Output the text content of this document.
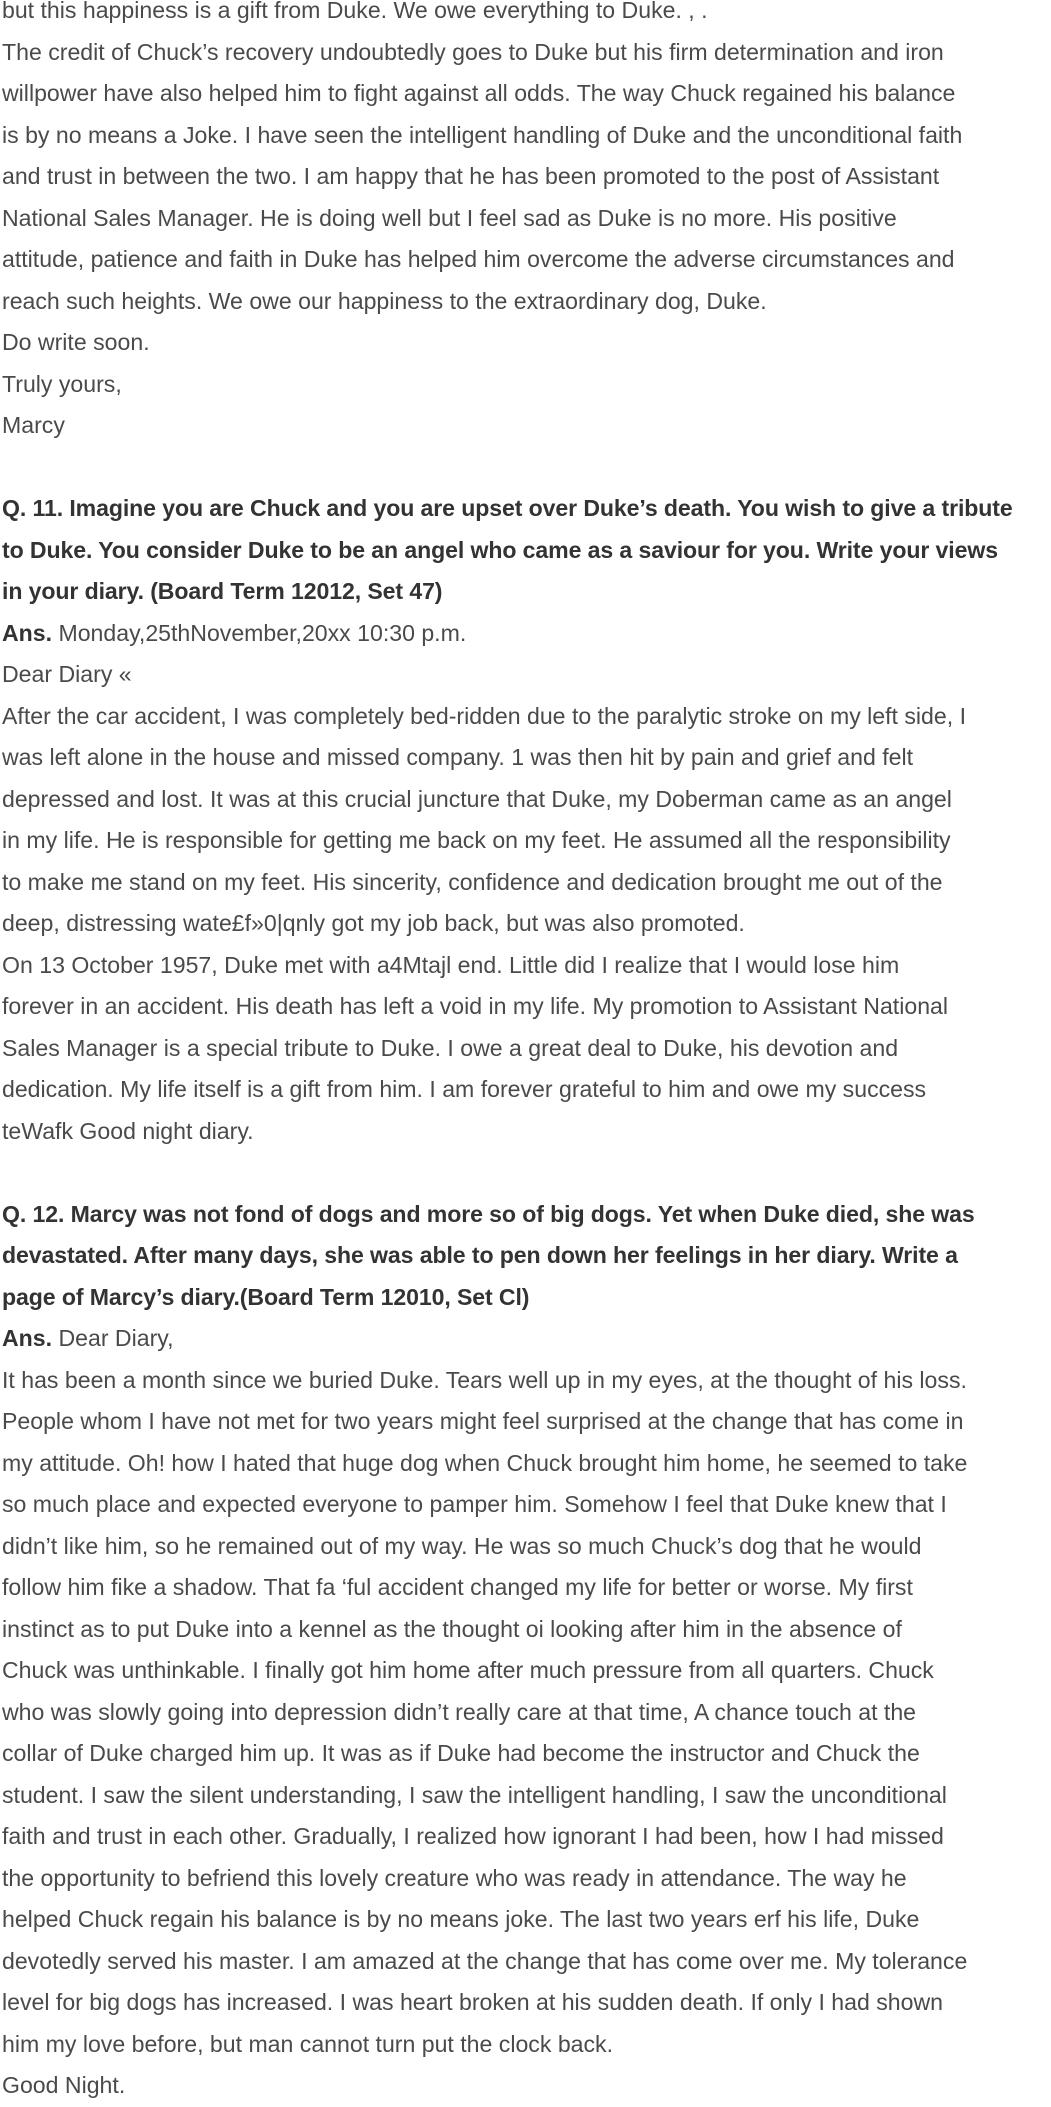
but this happiness is a gift from Duke. We owe everything to Duke. , .
The credit of Chuck’s recovery undoubtedly goes to Duke but his firm determination and iron
willpower have also helped him to fight against all odds. The way Chuck regained his balance
is by no means a Joke. I have seen the intelligent handling of Duke and the unconditional faith
and trust in between the two. I am happy that he has been promoted to the post of Assistant
National Sales Manager. He is doing well but I feel sad as Duke is no more. His positive
attitude, patience and faith in Duke has helped him overcome the adverse circumstances and
reach such heights. We owe our happiness to the extraordinary dog, Duke.
Do write soon.
Truly yours,
Marcy
Q. 11. Imagine you are Chuck and you are upset over Duke’s death. You wish to give a tribute
to Duke. You consider Duke to be an angel who came as a saviour for you. Write your views
in your diary. (Board Term 12012, Set 47)
Ans. Monday,25thNovember,20xx 10:30 p.m.
Dear Diary «
After the car accident, I was completely bed-ridden due to the paralytic stroke on my left side, I
was left alone in the house and missed company. 1 was then hit by pain and grief and felt
depressed and lost. It was at this crucial juncture that Duke, my Doberman came as an angel
in my life. He is responsible for getting me back on my feet. He assumed all the responsibility
to make me stand on my feet. His sincerity, confidence and dedication brought me out of the
deep, distressing wate£f»0|qnly got my job back, but was also promoted.
On 13 October 1957, Duke met with a4Mtajl end. Little did I realize that I would lose him
forever in an accident. His death has left a void in my life. My promotion to Assistant National
Sales Manager is a special tribute to Duke. I owe a great deal to Duke, his devotion and
dedication. My life itself is a gift from him. I am forever grateful to him and owe my success
teWafk Good night diary.
Q. 12. Marcy was not fond of dogs and more so of big dogs. Yet when Duke died, she was
devastated. After many days, she was able to pen down her feelings in her diary. Write a
page of Marcy’s diary.(Board Term 12010, Set Cl)
Ans. Dear Diary,
It has been a month since we buried Duke. Tears well up in my eyes, at the thought of his loss.
People whom I have not met for two years might feel surprised at the change that has come in
my attitude. Oh! how I hated that huge dog when Chuck brought him home, he seemed to take
so much place and expected everyone to pamper him. Somehow I feel that Duke knew that I
didn’t like him, so he remained out of my way. He was so much Chuck’s dog that he would
follow him fike a shadow. That fa ‘ful accident changed my life for better or worse. My first
instinct as to put Duke into a kennel as the thought oi looking after him in the absence of
Chuck was unthinkable. I finally got him home after much pressure from all quarters. Chuck
who was slowly going into depression didn’t really care at that time, A chance touch at the
collar of Duke charged him up. It was as if Duke had become the instructor and Chuck the
student. I saw the silent understanding, I saw the intelligent handling, I saw the unconditional
faith and trust in each other. Gradually, I realized how ignorant I had been, how I had missed
the opportunity to befriend this lovely creature who was ready in attendance. The way he
helped Chuck regain his balance is by no means joke. The last two years erf his life, Duke
devotedly served his master. I am amazed at the change that has come over me. My tolerance
level for big dogs has increased. I was heart broken at his sudden death. If only I had shown
him my love before, but man cannot turn put the clock back.
Good Night.
